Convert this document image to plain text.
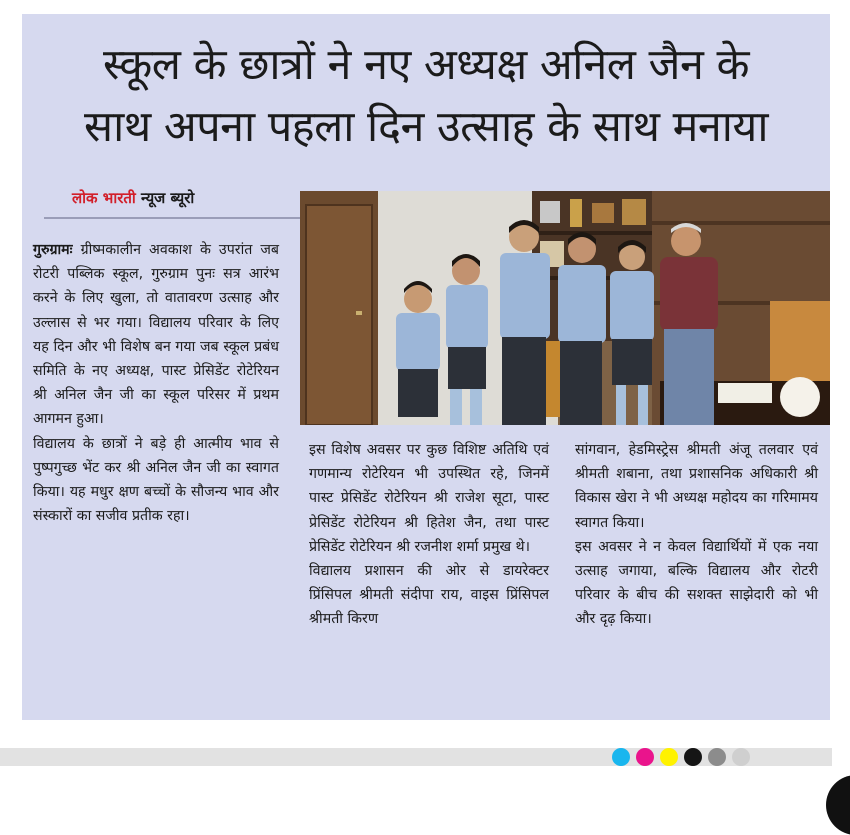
स्कूल के छात्रों ने नए अध्यक्ष अनिल जैन के
साथ अपना पहला दिन उत्साह के साथ मनाया
लोक भारती न्यूज ब्यूरो

गुरुग्रामः ग्रीष्मकालीन अवकाश के उपरांत जब रोटरी पब्लिक स्कूल, गुरुग्राम पुनः सत्र आरंभ करने के लिए खुला, तो वातावरण उत्साह और उल्लास से भर गया। विद्यालय परिवार के लिए यह दिन और भी विशेष बन गया जब स्कूल प्रबंध समिति के नए अध्यक्ष, पास्ट प्रेसिडेंट रोटेरियन श्री अनिल जैन जी का स्कूल परिसर में प्रथम आगमन हुआ।

विद्यालय के छात्रों ने बड़े ही आत्मीय भाव से पुष्पगुच्छ भेंट कर श्री अनिल जैन जी का स्वागत किया। यह मधुर क्षण बच्चों के सौजन्य भाव और संस्कारों का सजीव प्रतीक रहा।

इस विशेष अवसर पर कुछ विशिष्ट अतिथि एवं गणमान्य रोटेरियन भी उपस्थित रहे, जिनमें पास्ट प्रेसिडेंट रोटेरियन श्री राजेश सूटा, पास्ट प्रेसिडेंट रोटेरियन श्री हितेश जैन, तथा पास्ट प्रेसिडेंट रोटेरियन श्री रजनीश शर्मा प्रमुख थे।

विद्यालय प्रशासन की ओर से डायरेक्टर प्रिंसिपल श्रीमती संदीपा राय, वाइस प्रिंसिपल श्रीमती किरण

सांगवान, हेडमिस्ट्रेस श्रीमती अंजू तलवार एवं श्रीमती शबाना, तथा प्रशासनिक अधिकारी श्री विकास खेरा ने भी अध्यक्ष महोदय का गरिमामय स्वागत किया।

इस अवसर ने न केवल विद्यार्थियों में एक नया उत्साह जगाया, बल्कि विद्यालय और रोटरी परिवार के बीच की सशक्त साझेदारी को भी और दृढ़ किया।
